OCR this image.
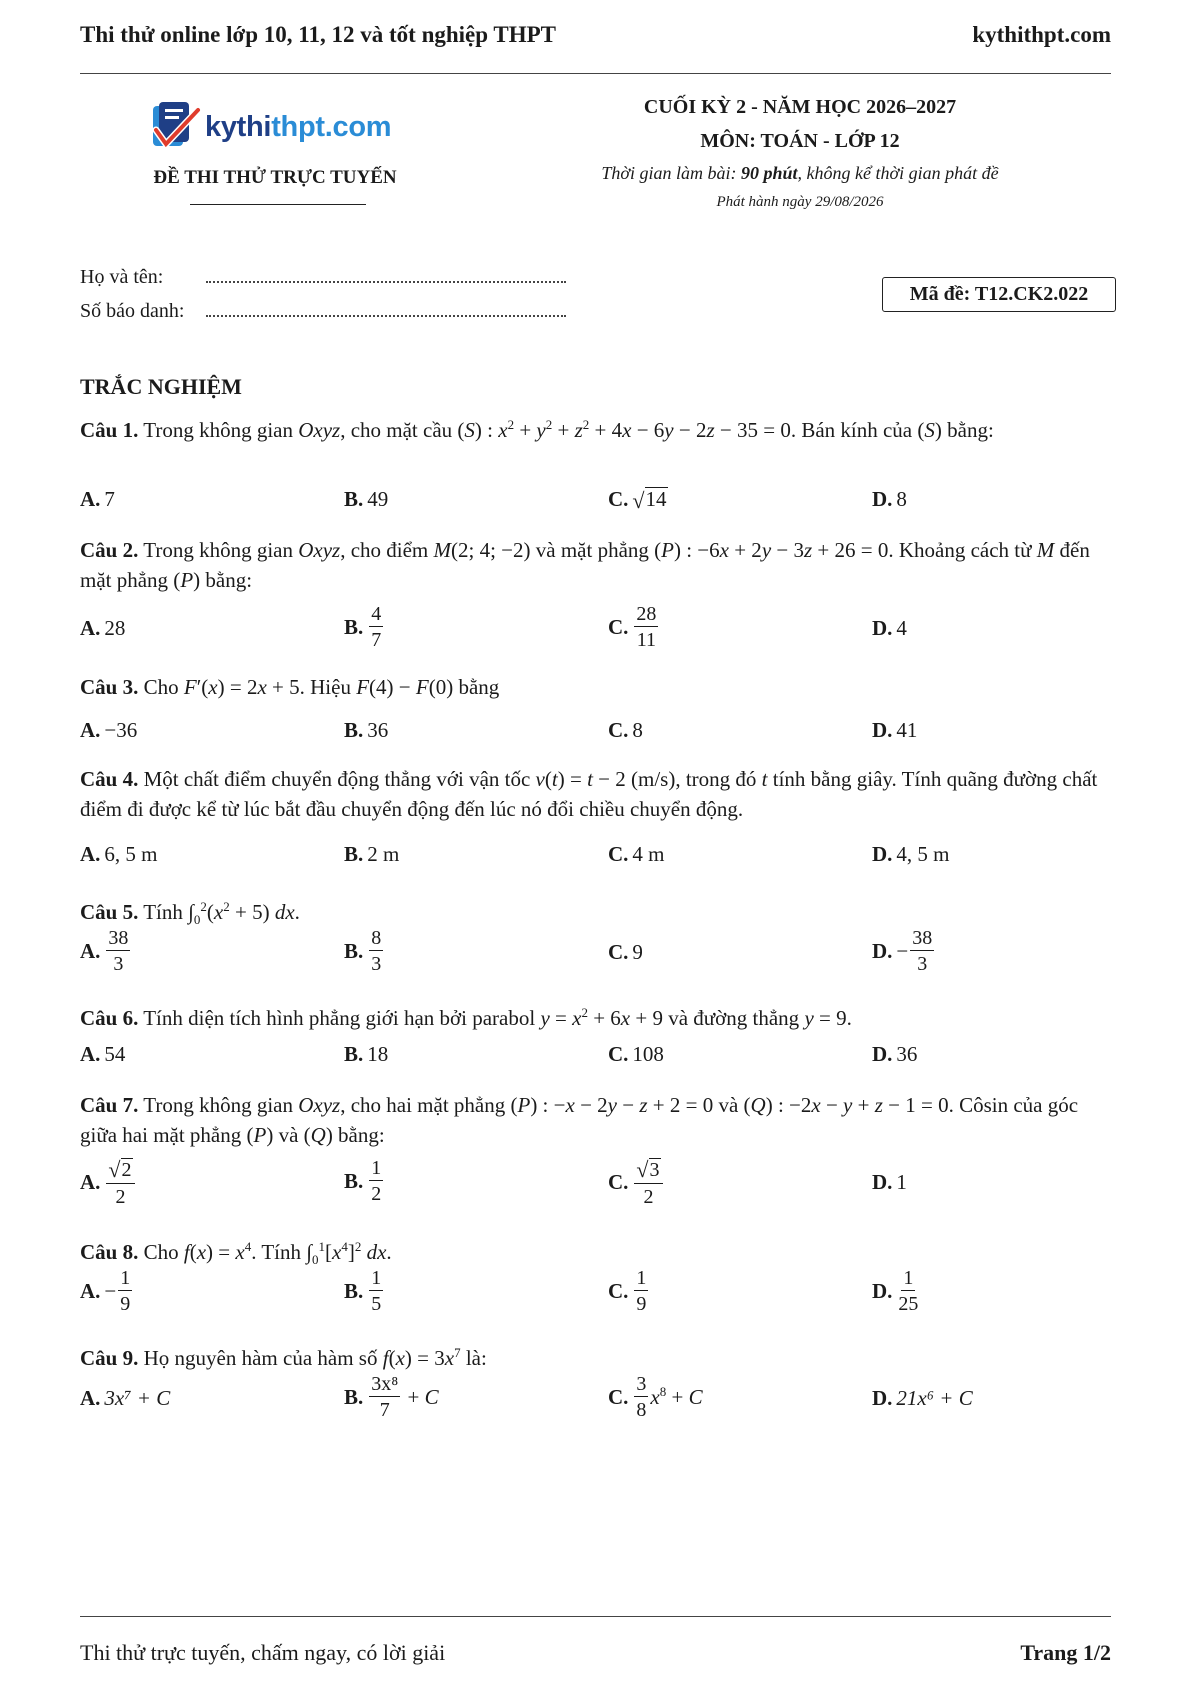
Thi thử online lớp 10, 11, 12 và tốt nghiệp THPT	kythithpt.com
kythithpt.com
ĐỀ THI THỬ TRỰC TUYẾN
CUỐI KỲ 2 - NĂM HỌC 2026–2027
MÔN: TOÁN - LỚP 12
Thời gian làm bài: 90 phút, không kể thời gian phát đề
Phát hành ngày 29/08/2026
Họ và tên:
Số báo danh:
Mã đề: T12.CK2.022
TRẮC NGHIỆM
Câu 1. Trong không gian Oxyz, cho mặt cầu (S) : $x^2 + y^2 + z^2 + 4x - 6y - 2z - 35 = 0$. Bán kính của (S) bằng:
A. 7	B. 49	C. √ 14	D. 8
Câu 2. Trong không gian Oxyz, cho điểm M(2; 4; −2) và mặt phẳng (P) : −6x + 2y − 3z + 26 = 0. Khoảng cách từ M đến mặt phẳng (P) bằng:
A. 28	B. $\frac{4}{7}$	C. $\frac{28}{11}$	D. 4
Câu 3. Cho F′(x) = 2x + 5. Hiệu F(4) − F(0) bằng
A. −36	B. 36	C. 8	D. 41
Câu 4. Một chất điểm chuyển động thẳng với vận tốc v(t) = t − 2 (m/s), trong đó t tính bằng giây. Tính quãng đường chất điểm đi được kể từ lúc bắt đầu chuyển động đến lúc nó đổi chiều chuyển động.
A. 6, 5 m	B. 2 m	C. 4 m	D. 4, 5 m
Câu 5. Tính $\int_0^2(x^2 + 5)$ dx.
A. $\frac{38}{3}$	B. $\frac{8}{3}$	C. 9	D. − $\frac{38}{3}$
Câu 6. Tính diện tích hình phẳng giới hạn bởi parabol $y = x^2 + 6x + 9$ và đường thẳng y = 9.
A. 54	B. 18	C. 108	D. 36
Câu 7. Trong không gian Oxyz, cho hai mặt phẳng (P) : −x − 2y − z + 2 = 0 và (Q) : −2x − y + z − 1 = 0. Côsin của góc giữa hai mặt phẳng (P) và (Q) bằng:
A. $\frac{√ 2}{2}$	B. $\frac{1}{2}$	C. $\frac{√ 3}{2}$	D. 1
Câu 8. Cho $f(x) = x^4$. Tính $\int_0^1[x^4]^2$ dx.
A. − $\frac{1}{9}$	B. $\frac{1}{5}$	C. $\frac{1}{9}$	D. $\frac{1}{25}$
Câu 9. Họ nguyên hàm của hàm số $f(x) = 3x^7$ là:
A. 3x⁷ + C	B. $\frac{\text{3x⁸}}{7} + C$	C. $\frac{3}{8} x^8 + C$	D. 21x⁶ + C
Thi thử trực tuyến, chấm ngay, có lời giải	Trang 1/2
